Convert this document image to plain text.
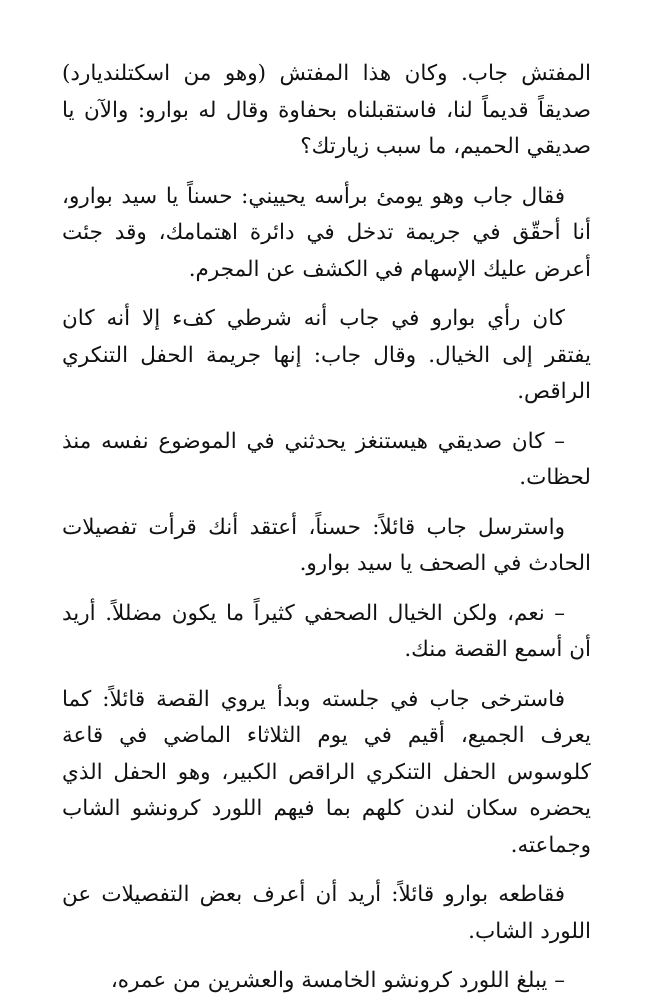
المفتش جاب. وكان هذا المفتش (وهو من اسكتلنديارد) صديقاً قديماً لنا، فاستقبلناه بحفاوة وقال له بوارو: والآن يا صديقي الحميم، ما سبب زيارتك؟

فقال جاب وهو يومئ برأسه يحييني: حسناً يا سيد بوارو، أنا أحقّق في جريمة تدخل في دائرة اهتمامك، وقد جئت أعرض عليك الإسهام في الكشف عن المجرم.

كان رأي بوارو في جاب أنه شرطي كفء إلا أنه كان يفتقر إلى الخيال. وقال جاب: إنها جريمة الحفل التنكري الراقص.

– كان صديقي هيستنغز يحدثني في الموضوع نفسه منذ لحظات.

واسترسل جاب قائلاً: حسناً، أعتقد أنك قرأت تفصيلات الحادث في الصحف يا سيد بوارو.

– نعم، ولكن الخيال الصحفي كثيراً ما يكون مضللاً. أريد أن أسمع القصة منك.

فاسترخى جاب في جلسته وبدأ يروي القصة قائلاً: كما يعرف الجميع، أقيم في يوم الثلاثاء الماضي في قاعة كلوسوس الحفل التنكري الراقص الكبير، وهو الحفل الذي يحضره سكان لندن كلهم بما فيهم اللورد كرونشو الشاب وجماعته.

فقاطعه بوارو قائلاً: أريد أن أعرف بعض التفصيلات عن اللورد الشاب.

– يبلغ اللورد كرونشو الخامسة والعشرين من عمره،
